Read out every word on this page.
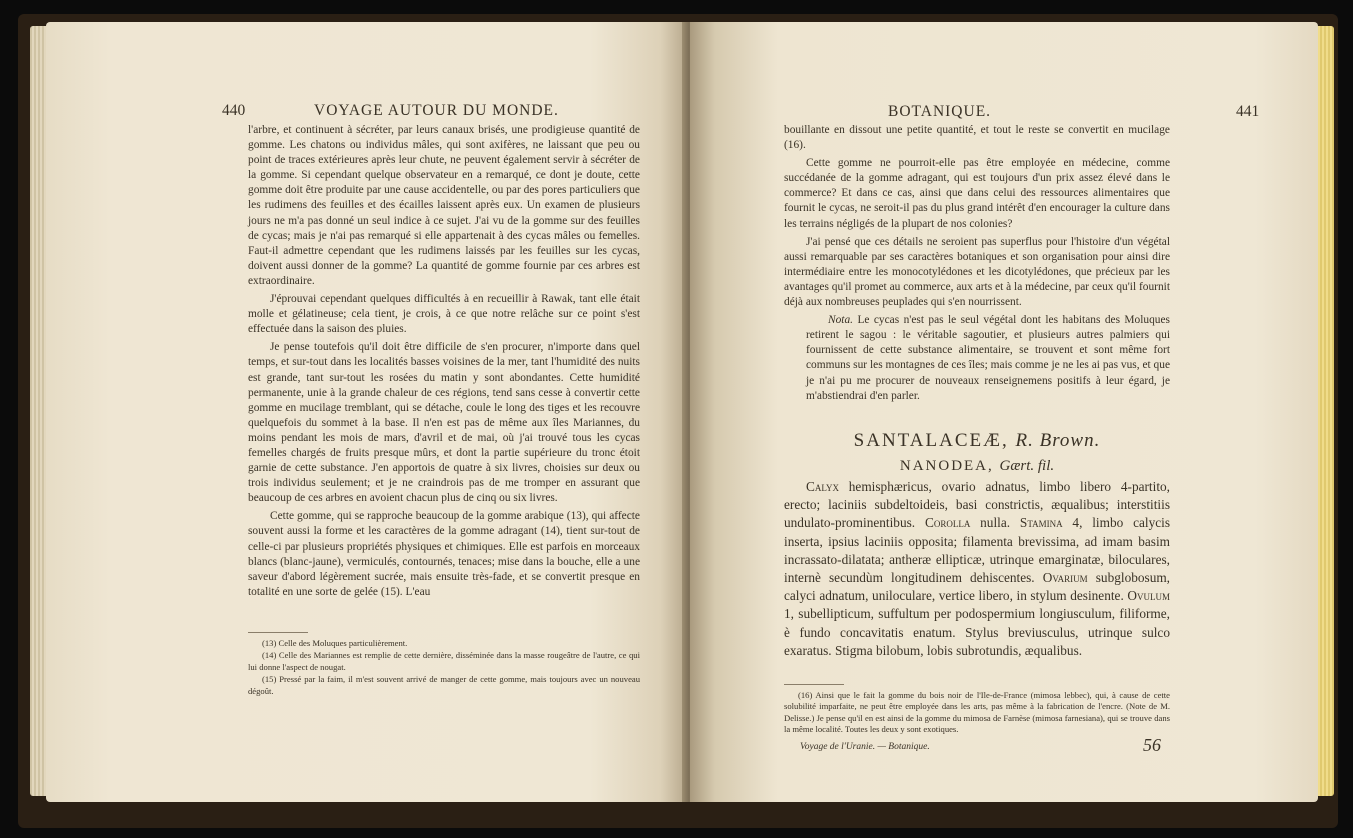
440	VOYAGE AUTOUR DU MONDE.

l'arbre, et continuent à sécréter, par leurs canaux brisés, une prodigieuse quantité de gomme. Les chatons ou individus mâles, qui sont axifères, ne laissant que peu ou point de traces extérieures après leur chute, ne peuvent également servir à sécréter de la gomme. Si cependant quelque observateur en a remarqué, ce dont je doute, cette gomme doit être produite par une cause accidentelle, ou par des pores particuliers que les rudimens des feuilles et des écailles laissent après eux. Un examen de plusieurs jours ne m'a pas donné un seul indice à ce sujet. J'ai vu de la gomme sur des feuilles de cycas; mais je n'ai pas remarqué si elle appartenait à des cycas mâles ou femelles. Faut-il admettre cependant que les rudimens laissés par les feuilles sur les cycas, doivent aussi donner de la gomme? La quantité de gomme fournie par ces arbres est extraordinaire.

J'éprouvai cependant quelques difficultés à en recueillir à Rawak, tant elle était molle et gélatineuse; cela tient, je crois, à ce que notre relâche sur ce point s'est effectuée dans la saison des pluies.

Je pense toutefois qu'il doit être difficile de s'en procurer, n'importe dans quel temps, et sur-tout dans les localités basses voisines de la mer, tant l'humidité des nuits est grande, tant sur-tout les rosées du matin y sont abondantes. Cette humidité permanente, unie à la grande chaleur de ces régions, tend sans cesse à convertir cette gomme en mucilage tremblant, qui se détache, coule le long des tiges et les recouvre quelquefois du sommet à la base. Il n'en est pas de même aux îles Mariannes, du moins pendant les mois de mars, d'avril et de mai, où j'ai trouvé tous les cycas femelles chargés de fruits presque mûrs, et dont la partie supérieure du tronc étoit garnie de cette substance. J'en apportois de quatre à six livres, choisies sur deux ou trois individus seulement; et je ne craindrois pas de me tromper en assurant que beaucoup de ces arbres en avoient chacun plus de cinq ou six livres.

Cette gomme, qui se rapproche beaucoup de la gomme arabique (13), qui affecte souvent aussi la forme et les caractères de la gomme adragant (14), tient sur-tout de celle-ci par plusieurs propriétés physiques et chimiques. Elle est parfois en morceaux blancs (blanc-jaune), vermiculés, contournés, tenaces; mise dans la bouche, elle a une saveur d'abord légèrement sucrée, mais ensuite très-fade, et se convertit presque en totalité en une sorte de gelée (15). L'eau

(13) Celle des Moluques particulièrement.

(14) Celle des Mariannes est remplie de cette dernière, disséminée dans la masse rougeâtre de l'autre, ce qui lui donne l'aspect de nougat.

(15) Pressé par la faim, il m'est souvent arrivé de manger de cette gomme, mais toujours avec un nouveau dégoût.

BOTANIQUE.	441

bouillante en dissout une petite quantité, et tout le reste se convertit en mucilage (16).

Cette gomme ne pourroit-elle pas être employée en médecine, comme succédanée de la gomme adragant, qui est toujours d'un prix assez élevé dans le commerce? Et dans ce cas, ainsi que dans celui des ressources alimentaires que fournit le cycas, ne seroit-il pas du plus grand intérêt d'en encourager la culture dans les terrains négligés de la plupart de nos colonies?

J'ai pensé que ces détails ne seroient pas superflus pour l'histoire d'un végétal aussi remarquable par ses caractères botaniques et son organisation pour ainsi dire intermédiaire entre les monocotylédones et les dicotylédones, que précieux par les avantages qu'il promet au commerce, aux arts et à la médecine, par ceux qu'il fournit déjà aux nombreuses peuplades qui s'en nourrissent.

Nota. Le cycas n'est pas le seul végétal dont les habitans des Moluques retirent le sagou : le véritable sagoutier, et plusieurs autres palmiers qui fournissent de cette substance alimentaire, se trouvent et sont même fort communs sur les montagnes de ces îles; mais comme je ne les ai pas vus, et que je n'ai pu me procurer de nouveaux renseignemens positifs à leur égard, je m'abstiendrai d'en parler.

SANTALACEÆ, R. Brown.
NANODEA, Gært. fil.

Calyx hemisphæricus, ovario adnatus, limbo libero 4-partito, erecto; laciniis subdeltoideis, basi constrictis, æqualibus; interstitiis undulato-prominentibus. Corolla nulla. Stamina 4, limbo calycis inserta, ipsius laciniis opposita; filamenta brevissima, ad imam basim incrassato-dilatata; antheræ ellipticæ, utrinque emarginatæ, biloculares, internè secundùm longitudinem dehiscentes. Ovarium subglobosum, calyci adnatum, uniloculare, vertice libero, in stylum desinente. Ovulum 1, subellipticum, suffultum per podospermium longiusculum, filiforme, è fundo concavitatis enatum. Stylus breviusculus, utrinque sulco exaratus. Stigma bilobum, lobis subrotundis, æqualibus.

(16) Ainsi que le fait la gomme du bois noir de l'Ile-de-France (mimosa lebbec), qui, à cause de cette solubilité imparfaite, ne peut être employée dans les arts, pas même à la fabrication de l'encre. (Note de M. Delisse.) Je pense qu'il en est ainsi de la gomme du mimosa de Farnèse (mimosa farnesiana), qui se trouve dans la même localité. Toutes les deux y sont exotiques.

Voyage de l'Uranie. — Botanique.	56
